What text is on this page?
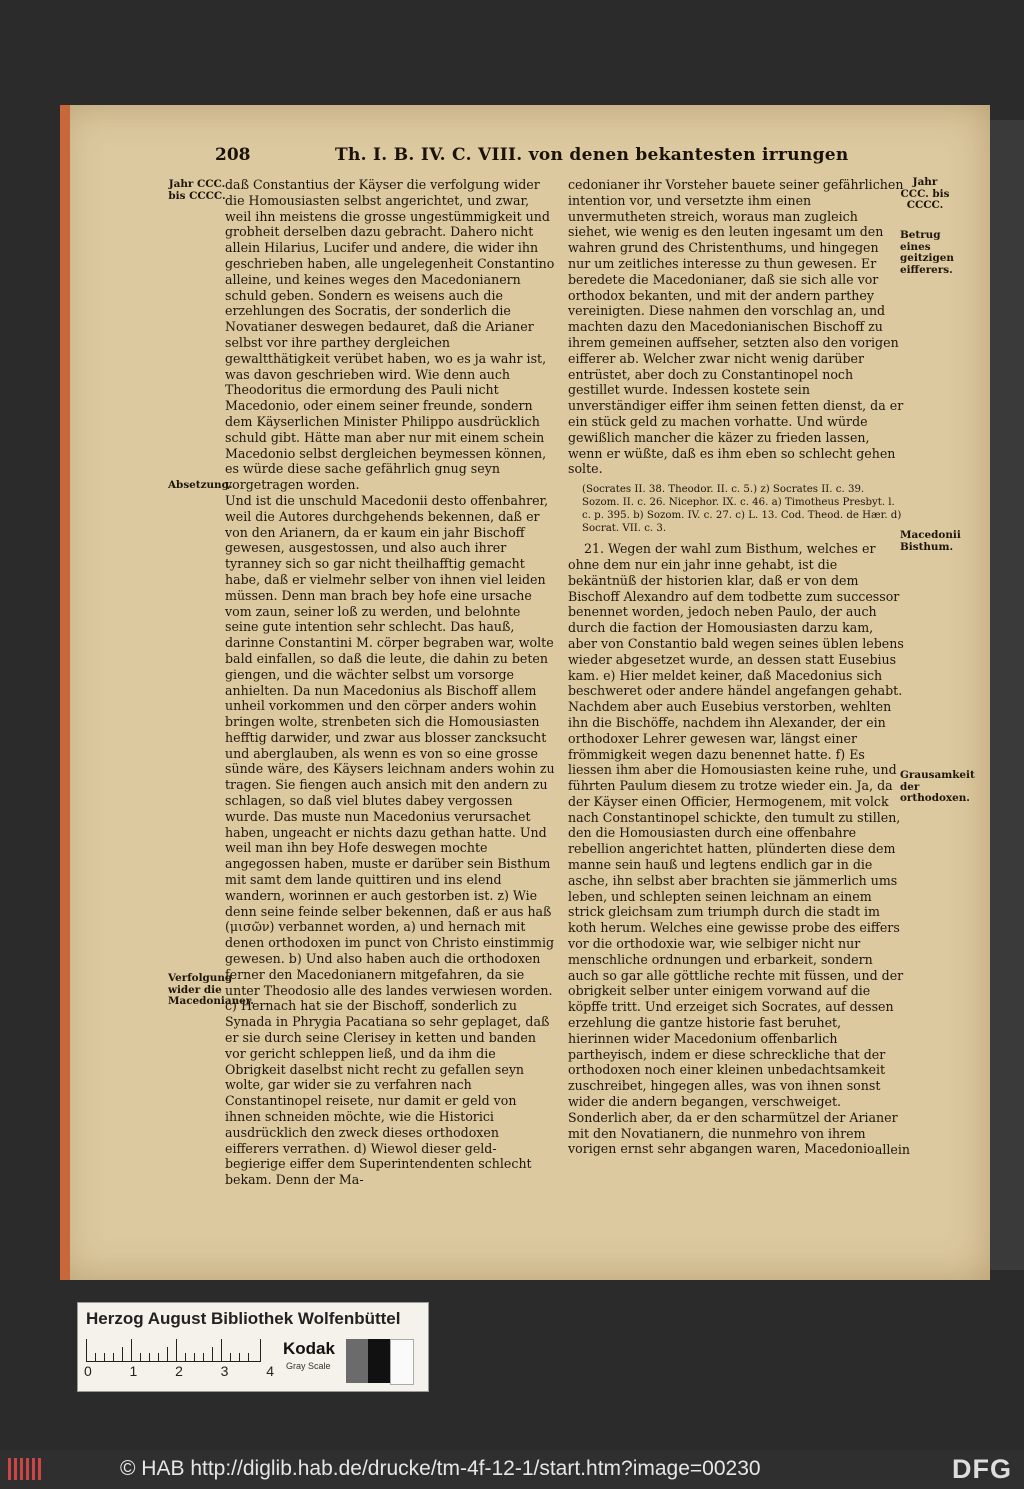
208	Th. I. B. IV. C. VIII. von denen bekantesten irrungen
Jahr CCC. bis CCCC.
Absetzung.
Verfolgung wider die Macedonianer.

daß Constantius der Käyser die verfolgung wider die Homousiasten selbst angerichtet, und zwar, weil ihn meistens die grosse ungestümmigkeit und grobheit derselben dazu gebracht. Dahero nicht allein Hilarius, Lucifer und andere, die wider ihn geschrieben haben, alle ungelegenheit Constantino alleine, und keines weges den Macedonianern schuld geben. Sondern es weisens auch die erzehlungen des Socratis, der sonderlich die Novatianer deswegen bedauret, daß die Arianer selbst vor ihre parthey dergleichen gewaltthätigkeit verübet haben, wo es ja wahr ist, was davon geschrieben wird. Wie denn auch Theodoritus die ermordung des Pauli nicht Macedonio, oder einem seiner freunde, sondern dem Käyserlichen Minister Philippo ausdrücklich schuld gibt. Hätte man aber nur mit einem schein Macedonio selbst dergleichen beymessen können, es würde diese sache gefährlich gnug seyn vorgetragen worden.

Und ist die unschuld Macedonii desto offenbahrer, weil die Autores durchgehends bekennen, daß er von den Arianern, da er kaum ein jahr Bischoff gewesen, ausgestossen, und also auch ihrer tyranney sich so gar nicht theilhafftig gemacht habe, daß er vielmehr selber von ihnen viel leiden müssen. Denn man brach bey hofe eine ursache vom zaun, seiner loß zu werden, und belohnte seine gute intention sehr schlecht. Das hauß, darinne Constantini M. cörper begraben war, wolte bald einfallen, so daß die leute, die dahin zu beten giengen, und die wächter selbst um vorsorge anhielten. Da nun Macedonius als Bischoff allem unheil vorkommen und den cörper anders wohin bringen wolte, strenbeten sich die Homousiasten hefftig darwider, und zwar aus blosser zancksucht und aberglauben, als wenn es von so eine grosse sünde wäre, des Käysers leichnam anders wohin zu tragen. Sie fiengen auch ansich mit den andern zu schlagen, so daß viel blutes dabey vergossen wurde. Das muste nun Macedonius verursachet haben, ungeacht er nichts dazu gethan hatte. Und weil man ihn bey Hofe deswegen mochte angegossen haben, muste er darüber sein Bisthum mit samt dem lande quittiren und ins elend wandern, worinnen er auch gestorben ist. z) Wie denn seine feinde selber bekennen, daß er aus haß (μισῶν) verbannet worden, a) und hernach mit denen orthodoxen im punct von Christo einstimmig gewesen. b) Und also haben auch die orthodoxen ferner den Macedonianern mitgefahren, da sie unter Theodosio alle des landes verwiesen worden. c) Hernach hat sie der Bischoff, sonderlich zu Synada in Phrygia Pacatiana so sehr geplaget, daß er sie durch seine Clerisey in ketten und banden vor gericht schleppen ließ, und da ihm die Obrigkeit daselbst nicht recht zu gefallen seyn wolte, gar wider sie zu verfahren nach Constantinopel reisete, nur damit er geld von ihnen schneiden möchte, wie die Historici ausdrücklich den zweck dieses orthodoxen eifferers verrathen. d) Wiewol dieser geld-begierige eiffer dem Superintendenten schlecht bekam. Denn der Ma-

cedonianer ihr Vorsteher bauete seiner gefährlichen intention vor, und versetzte ihm einen unvermutheten streich, woraus man zugleich siehet, wie wenig es den leuten ingesamt um den wahren grund des Christenthums, und hingegen nur um zeitliches interesse zu thun gewesen. Er beredete die Macedonianer, daß sie sich alle vor orthodox bekanten, und mit der andern parthey vereinigten. Diese nahmen den vorschlag an, und machten dazu den Macedonianischen Bischoff zu ihrem gemeinen auffseher, setzten also den vorigen eifferer ab. Welcher zwar nicht wenig darüber entrüstet, aber doch zu Constantinopel noch gestillet wurde. Indessen kostete sein unverständiger eiffer ihm seinen fetten dienst, da er ein stück geld zu machen vorhatte. Und würde gewißlich mancher die käzer zu frieden lassen, wenn er wüßte, daß es ihm eben so schlecht gehen solte.

(Socrates II. 38. Theodor. II. c. 5.) z) Socrates II. c. 39. Sozom. II. c. 26. Nicephor. IX. c. 46. a) Timotheus Presbyt. l. c. p. 395. b) Sozom. IV. c. 27. c) L. 13. Cod. Theod. de Hær. d) Socrat. VII. c. 3.

21. Wegen der wahl zum Bisthum, welches er ohne dem nur ein jahr inne gehabt, ist die bekäntnüß der historien klar, daß er von dem Bischoff Alexandro auf dem todbette zum successor benennet worden, jedoch neben Paulo, der auch durch die faction der Homousiasten darzu kam, aber von Constantio bald wegen seines üblen lebens wieder abgesetzet wurde, an dessen statt Eusebius kam. e) Hier meldet keiner, daß Macedonius sich beschweret oder andere händel angefangen gehabt. Nachdem aber auch Eusebius verstorben, wehlten ihn die Bischöffe, nachdem ihn Alexander, der ein orthodoxer Lehrer gewesen war, längst einer frömmigkeit wegen dazu benennet hatte. f) Es liessen ihm aber die Homousiasten keine ruhe, und führten Paulum diesem zu trotze wieder ein. Ja, da der Käyser einen Officier, Hermogenem, mit volck nach Constantinopel schickte, den tumult zu stillen, den die Homousiasten durch eine offenbahre rebellion angerichtet hatten, plünderten diese dem manne sein hauß und legtens endlich gar in die asche, ihn selbst aber brachten sie jämmerlich ums leben, und schlepten seinen leichnam an einem strick gleichsam zum triumph durch die stadt im koth herum. Welches eine gewisse probe des eiffers vor die orthodoxie war, wie selbiger nicht nur menschliche ordnungen und erbarkeit, sondern auch so gar alle göttliche rechte mit füssen, und der obrigkeit selber unter einigem vorwand auf die köpffe tritt. Und erzeiget sich Socrates, auf dessen erzehlung die gantze historie fast beruhet, hierinnen wider Macedonium offenbarlich partheyisch, indem er diese schreckliche that der orthodoxen noch einer kleinen unbedachtsamkeit zuschreibet, hingegen alles, was von ihnen sonst wider die andern begangen, verschweiget. Sonderlich aber, da er den scharmützel der Arianer mit den Novatianern, die nunmehro von ihrem vorigen ernst sehr abgangen waren, Macedonio

Jahr CCC. bis CCCC.
Betrug eines geitzigen eifferers.
Macedonii Bisthum.
Grausamkeit der orthodoxen.
allein
Herzog August Bibliothek Wolfenbüttel
0	1	2	3	4
Kodak
Gray Scale
© HAB http://diglib.hab.de/drucke/tm-4f-12-1/start.htm?image=00230	DFG
